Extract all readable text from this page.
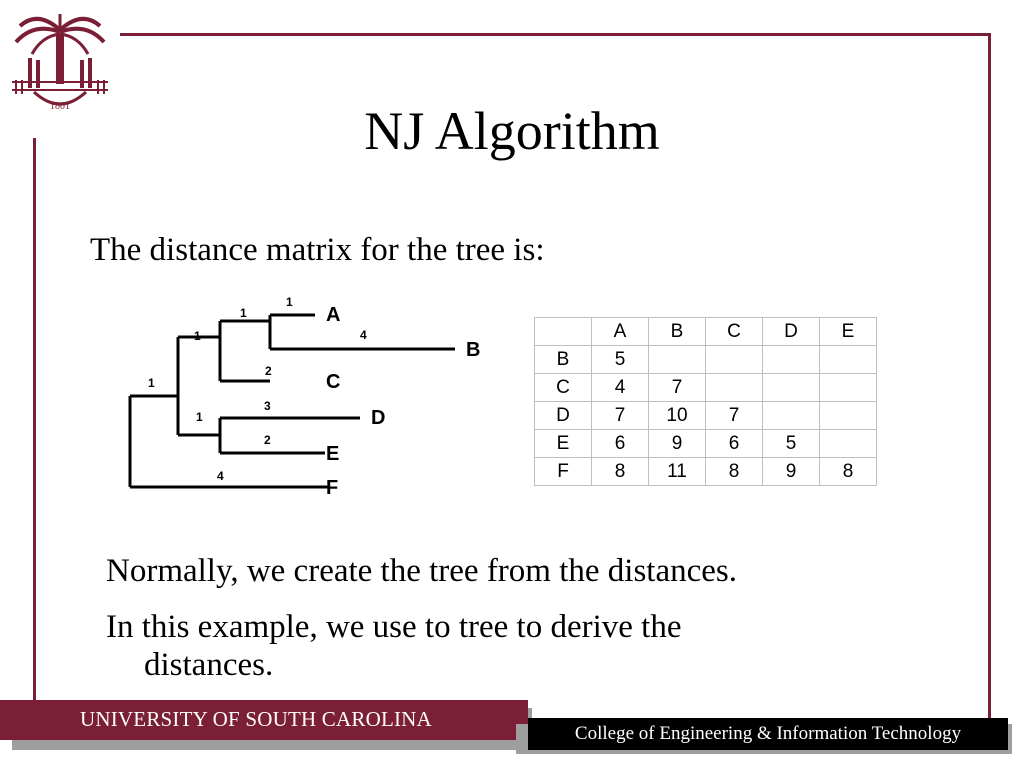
1801	NJ Algorithm
The distance matrix for the tree is:
A
B
C
D
E
F
1
1
1
1
4
2
1
3
2
4
	A	B	C	D	E
B	5				
C	4	7			
D	7	10	7		
E	6	9	6	5	
F	8	11	8	9	8
Normally, we create the tree from the distances.
In this example, we use to tree to derive the
distances.
UNIVERSITY OF SOUTH CAROLINA
College of Engineering & Information Technology
